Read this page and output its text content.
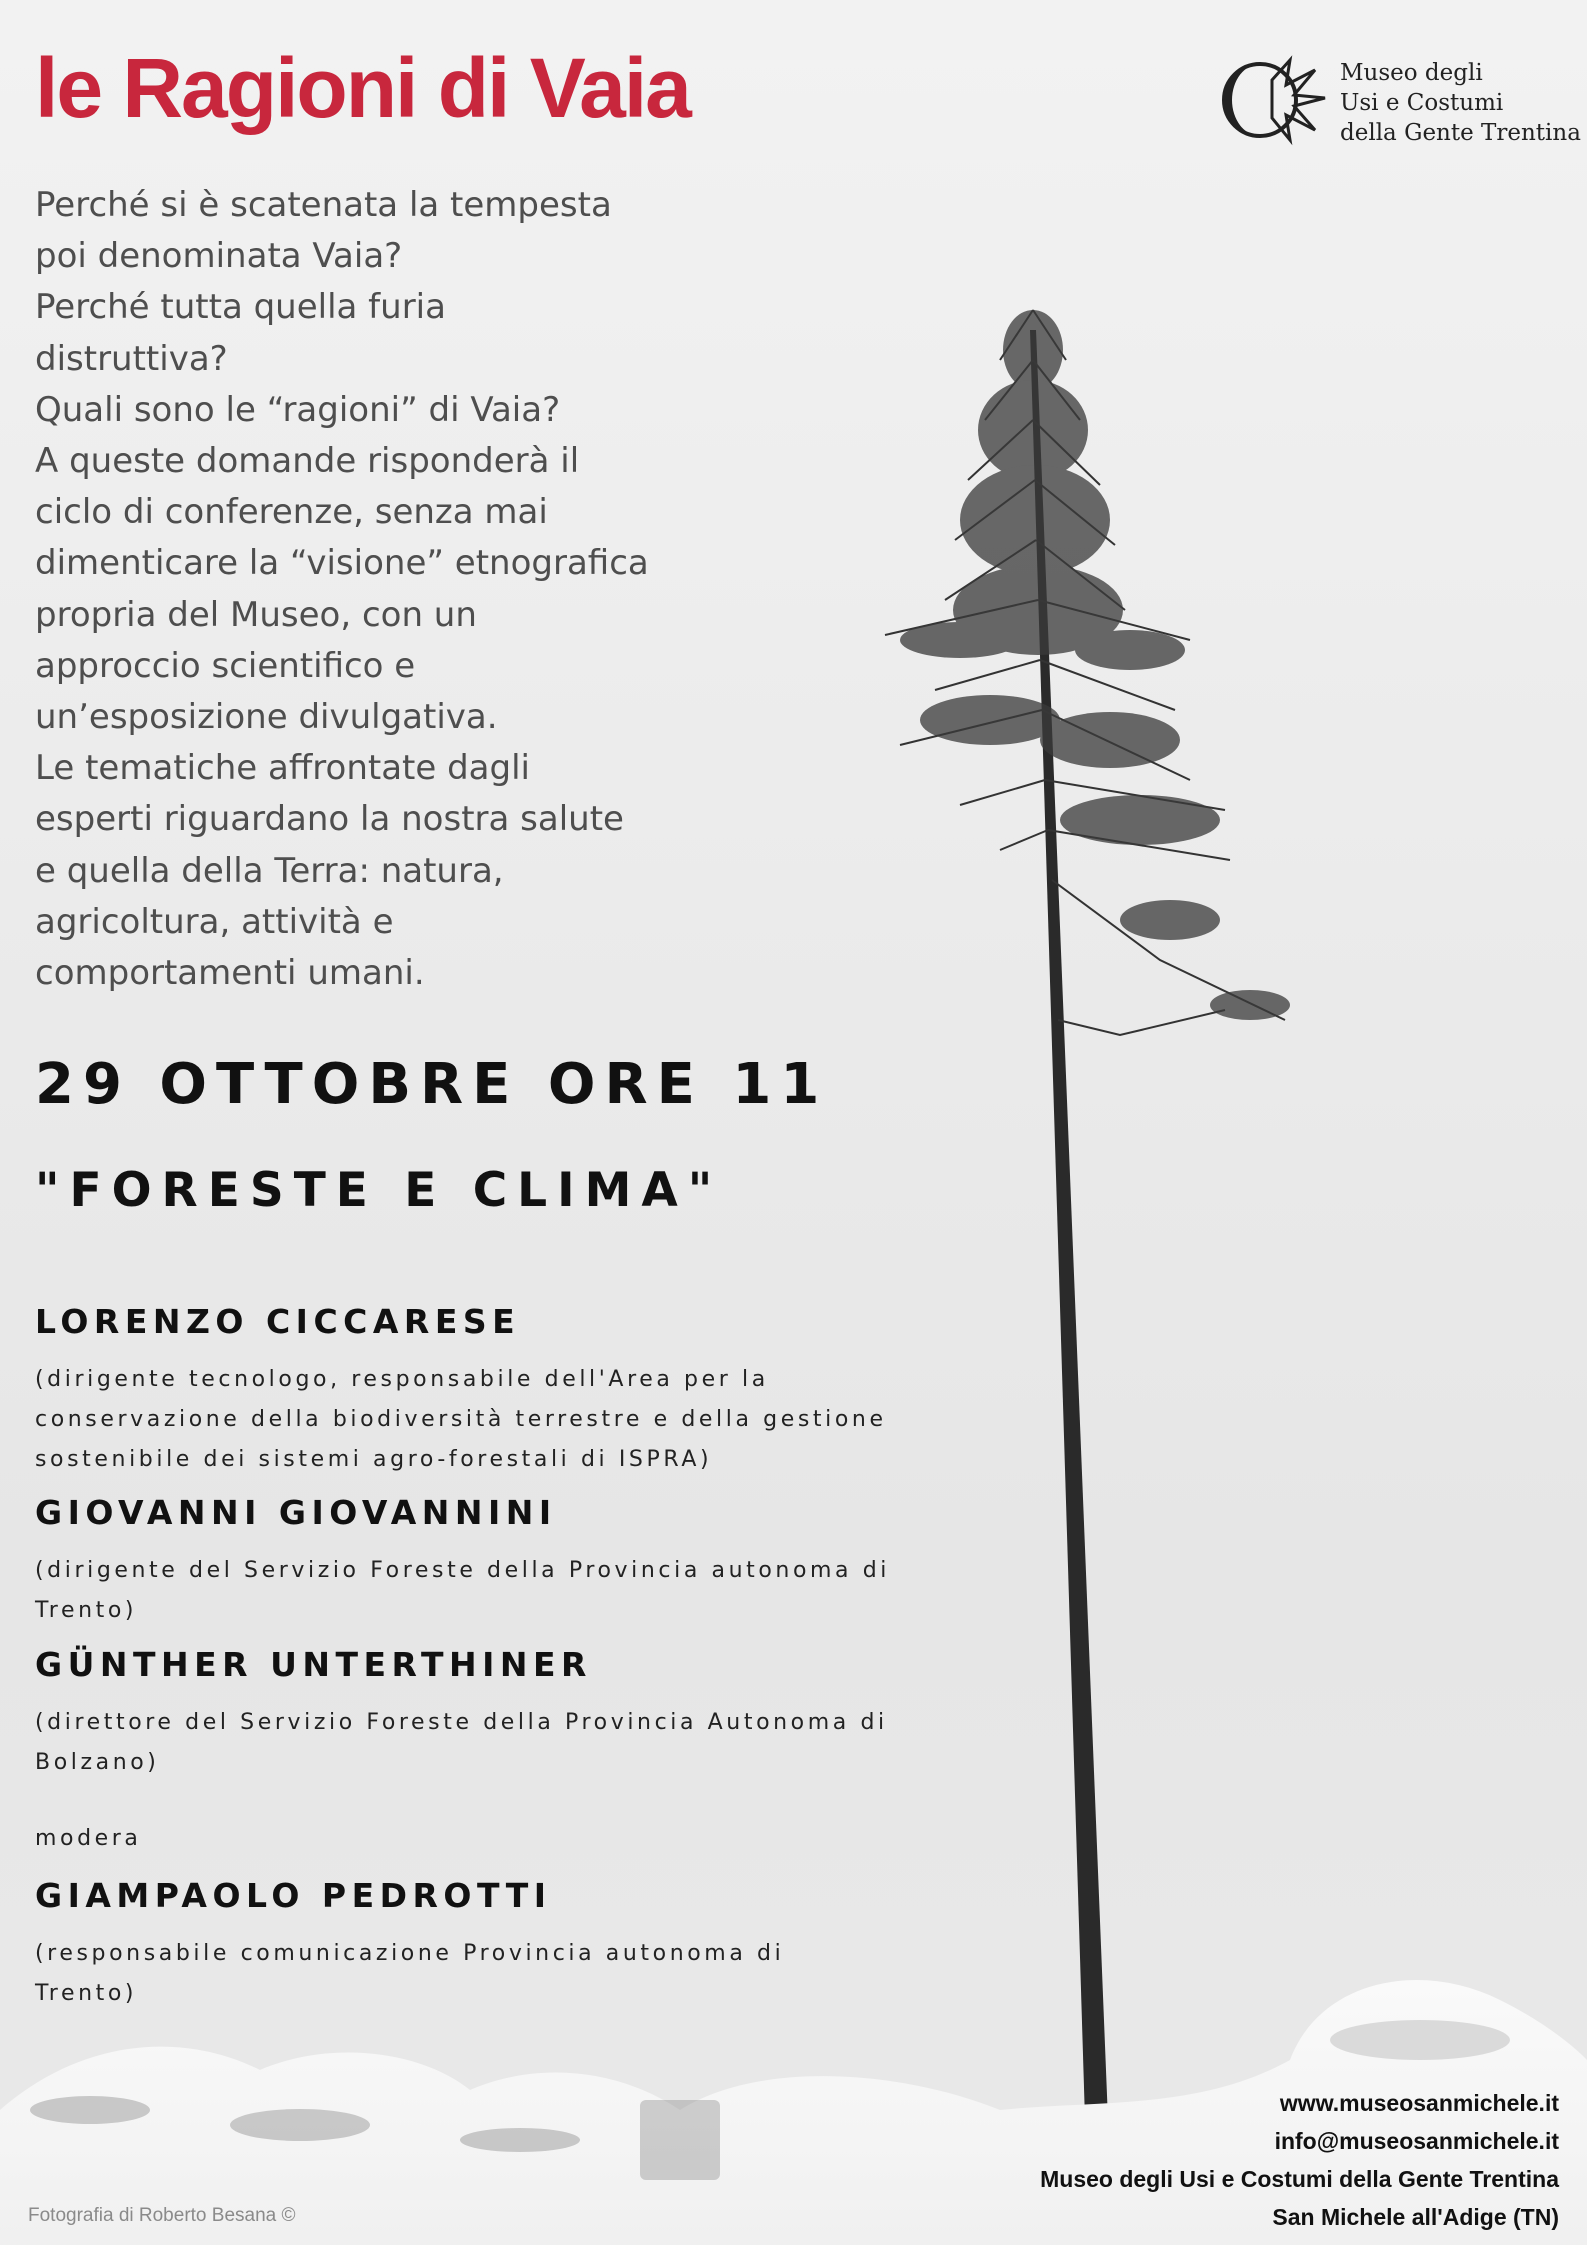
le Ragioni di Vaia	Museo degli
Usi e Costumi
della Gente Trentina
Perché si è scatenata la tempesta
poi denominata Vaia?
Perché tutta quella furia
distruttiva?
Quali sono le “ragioni” di Vaia?
A queste domande risponderà il
ciclo di conferenze, senza mai
dimenticare la “visione” etnografica
propria del Museo, con un
approccio scientifico e
un’esposizione divulgativa.
Le tematiche affrontate dagli
esperti riguardano la nostra salute
e quella della Terra: natura,
agricoltura, attività e
comportamenti umani.
29 OTTOBRE ORE 11
"FORESTE E CLIMA"
LORENZO CICCARESE
(dirigente tecnologo, responsabile dell'Area per la
conservazione della biodiversità terrestre e della gestione
sostenibile dei sistemi agro-forestali di ISPRA)
GIOVANNI GIOVANNINI
(dirigente del Servizio Foreste della Provincia autonoma di
Trento)
GÜNTHER UNTERTHINER
(direttore del Servizio Foreste della Provincia Autonoma di
Bolzano)
modera
GIAMPAOLO PEDROTTI
(responsabile comunicazione Provincia autonoma di
Trento)
www.museosanmichele.it
info@museosanmichele.it
Museo degli Usi e Costumi della Gente Trentina
San Michele all'Adige (TN)
Fotografia di Roberto Besana ©
